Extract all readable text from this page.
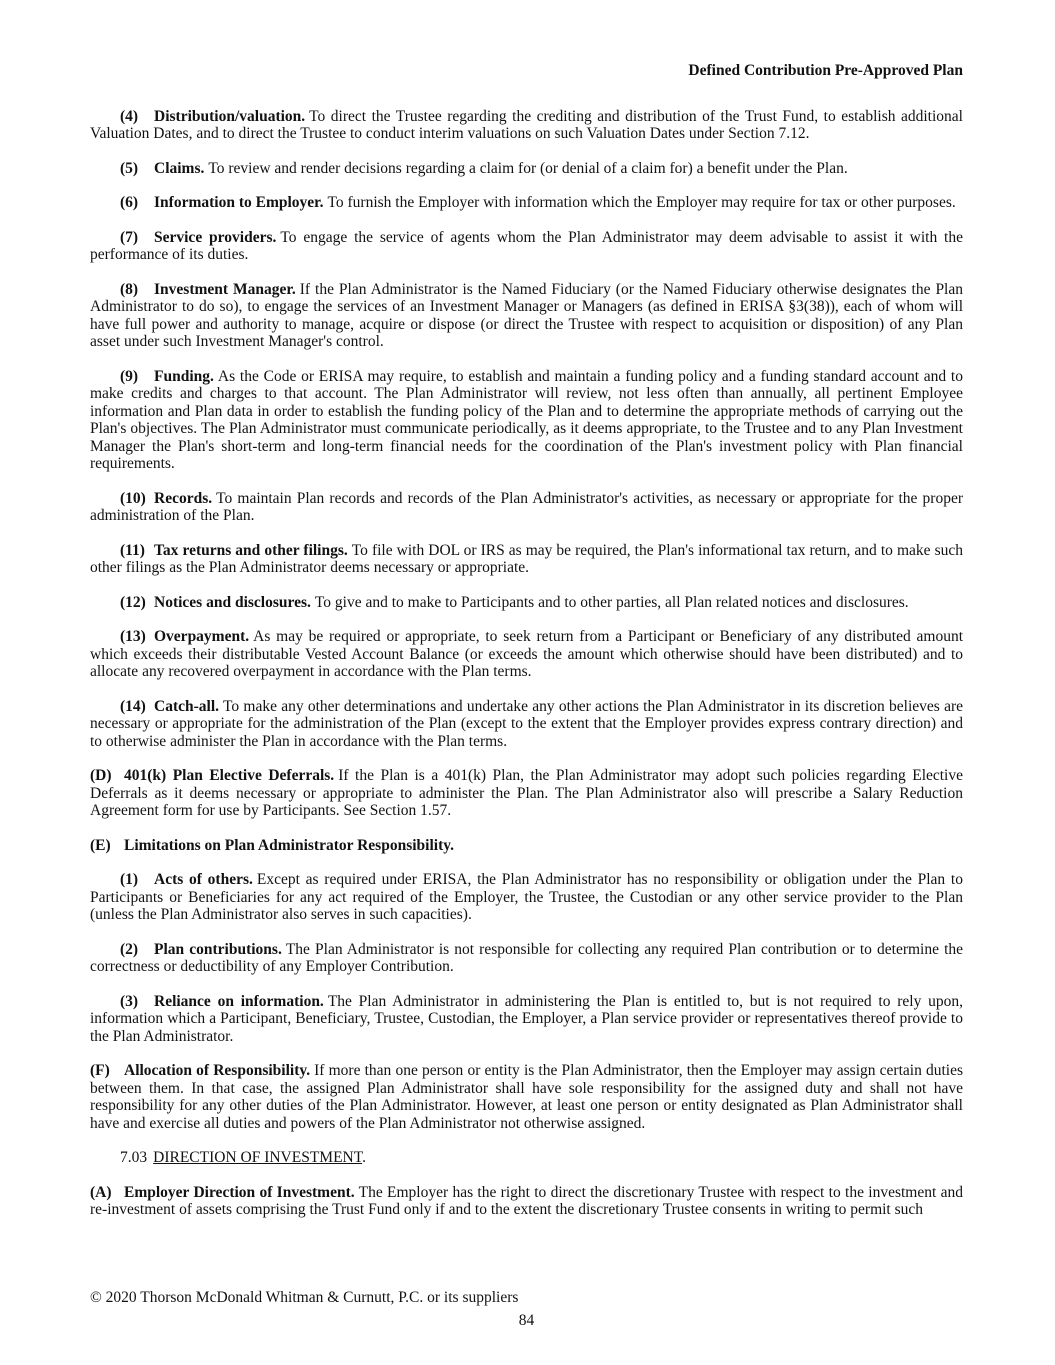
Defined Contribution Pre-Approved Plan

(4) Distribution/valuation. To direct the Trustee regarding the crediting and distribution of the Trust Fund, to establish additional Valuation Dates, and to direct the Trustee to conduct interim valuations on such Valuation Dates under Section 7.12.

(5) Claims. To review and render decisions regarding a claim for (or denial of a claim for) a benefit under the Plan.

(6) Information to Employer. To furnish the Employer with information which the Employer may require for tax or other purposes.

(7) Service providers. To engage the service of agents whom the Plan Administrator may deem advisable to assist it with the performance of its duties.

(8) Investment Manager. If the Plan Administrator is the Named Fiduciary (or the Named Fiduciary otherwise designates the Plan Administrator to do so), to engage the services of an Investment Manager or Managers (as defined in ERISA §3(38)), each of whom will have full power and authority to manage, acquire or dispose (or direct the Trustee with respect to acquisition or disposition) of any Plan asset under such Investment Manager's control.

(9) Funding. As the Code or ERISA may require, to establish and maintain a funding policy and a funding standard account and to make credits and charges to that account. The Plan Administrator will review, not less often than annually, all pertinent Employee information and Plan data in order to establish the funding policy of the Plan and to determine the appropriate methods of carrying out the Plan's objectives. The Plan Administrator must communicate periodically, as it deems appropriate, to the Trustee and to any Plan Investment Manager the Plan's short-term and long-term financial needs for the coordination of the Plan's investment policy with Plan financial requirements.

(10) Records. To maintain Plan records and records of the Plan Administrator's activities, as necessary or appropriate for the proper administration of the Plan.

(11) Tax returns and other filings. To file with DOL or IRS as may be required, the Plan's informational tax return, and to make such other filings as the Plan Administrator deems necessary or appropriate.

(12) Notices and disclosures. To give and to make to Participants and to other parties, all Plan related notices and disclosures.

(13) Overpayment. As may be required or appropriate, to seek return from a Participant or Beneficiary of any distributed amount which exceeds their distributable Vested Account Balance (or exceeds the amount which otherwise should have been distributed) and to allocate any recovered overpayment in accordance with the Plan terms.

(14) Catch-all. To make any other determinations and undertake any other actions the Plan Administrator in its discretion believes are necessary or appropriate for the administration of the Plan (except to the extent that the Employer provides express contrary direction) and to otherwise administer the Plan in accordance with the Plan terms.

(D) 401(k) Plan Elective Deferrals. If the Plan is a 401(k) Plan, the Plan Administrator may adopt such policies regarding Elective Deferrals as it deems necessary or appropriate to administer the Plan. The Plan Administrator also will prescribe a Salary Reduction Agreement form for use by Participants. See Section 1.57.

(E) Limitations on Plan Administrator Responsibility.

(1) Acts of others. Except as required under ERISA, the Plan Administrator has no responsibility or obligation under the Plan to Participants or Beneficiaries for any act required of the Employer, the Trustee, the Custodian or any other service provider to the Plan (unless the Plan Administrator also serves in such capacities).

(2) Plan contributions. The Plan Administrator is not responsible for collecting any required Plan contribution or to determine the correctness or deductibility of any Employer Contribution.

(3) Reliance on information. The Plan Administrator in administering the Plan is entitled to, but is not required to rely upon, information which a Participant, Beneficiary, Trustee, Custodian, the Employer, a Plan service provider or representatives thereof provide to the Plan Administrator.

(F) Allocation of Responsibility. If more than one person or entity is the Plan Administrator, then the Employer may assign certain duties between them. In that case, the assigned Plan Administrator shall have sole responsibility for the assigned duty and shall not have responsibility for any other duties of the Plan Administrator. However, at least one person or entity designated as Plan Administrator shall have and exercise all duties and powers of the Plan Administrator not otherwise assigned.

7.03 DIRECTION OF INVESTMENT.

(A) Employer Direction of Investment. The Employer has the right to direct the discretionary Trustee with respect to the investment and re-investment of assets comprising the Trust Fund only if and to the extent the discretionary Trustee consents in writing to permit such

© 2020 Thorson McDonald Whitman & Curnutt, P.C. or its suppliers
84
